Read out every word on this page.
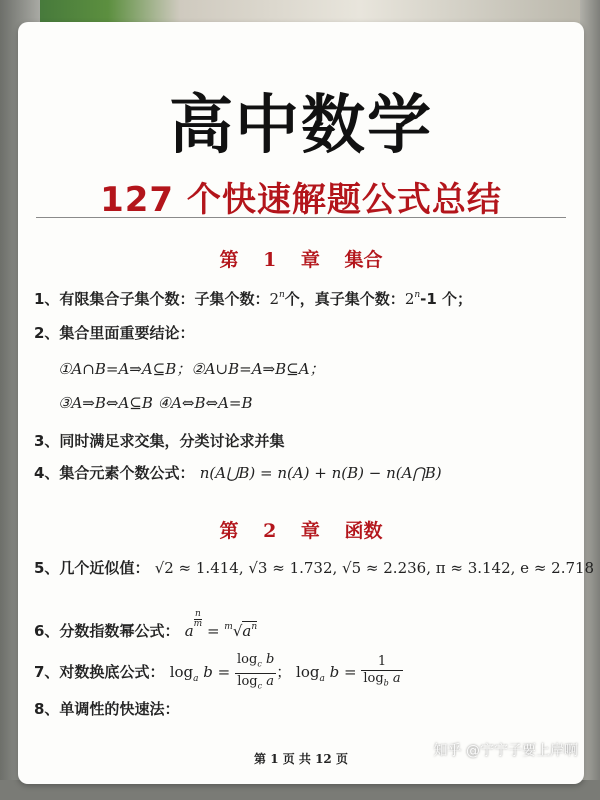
高中数学
127 个快速解题公式总结
第 1 章 集合
1、有限集合子集个数：子集个数：2$^n$个，真子集个数：2$^n$-1 个；
2、集合里面重要结论：
①A∩B=A⇒A⊆B；②A∪B=A⇒B⊆A；
③A⇒B⇔A⊆B ④A⇔B⇔A=B
3、同时满足求交集，分类讨论求并集
4、集合元素个数公式： n(A⋃B) = n(A) + n(B) − n(A⋂B)
第 2 章 函数
5、几个近似值： √2 ≈ 1.414, √3 ≈ 1.732, √5 ≈ 2.236, π ≈ 3.142, e ≈ 2.718
6、分数指数幂公式： a
$\frac{n}{m}$
= $^m√a^n$
7、对数换底公式： $\log_a b = \frac{\log_c b}{\log_c a}$ ； $\log_a b = \frac{1}{\log_b a}$
8、单调性的快速法：
第 1 页 共 12 页	知乎 @宁宁子要上岸啊
